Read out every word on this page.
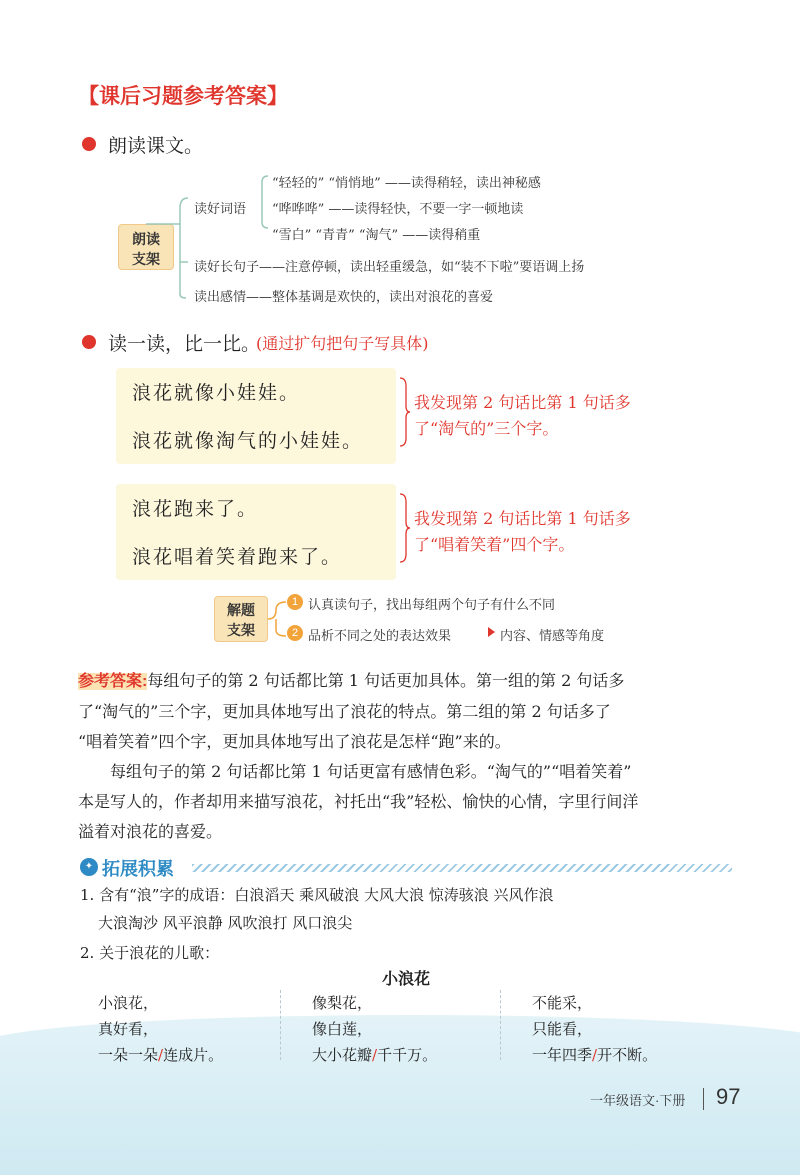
【课后习题参考答案】
朗读课文。
朗读
支架
读好词语
“轻轻的” “悄悄地” ——读得稍轻，读出神秘感
“哗哗哗” ——读得轻快，不要一字一顿地读
“雪白” “青青” “淘气” ——读得稍重
读好长句子——注意停顿，读出轻重缓急，如“装不下啦”要语调上扬
读出感情——整体基调是欢快的，读出对浪花的喜爱
读一读，比一比。
(通过扩句把句子写具体)
浪花就像小娃娃。
浪花就像淘气的小娃娃。
我发现第 2 句话比第 1 句话多
了“淘气的”三个字。
浪花跑来了。
浪花唱着笑着跑来了。
我发现第 2 句话比第 1 句话多
了“唱着笑着”四个字。
解题
支架
1 认真读句子，找出每组两个句子有什么不同
2 品析不同之处的表达效果	内容、情感等角度
参考答案:每组句子的第 2 句话都比第 1 句话更加具体。第一组的第 2 句话多
了“淘气的”三个字，更加具体地写出了浪花的特点。第二组的第 2 句话多了
“唱着笑着”四个字，更加具体地写出了浪花是怎样“跑”来的。
每组句子的第 2 句话都比第 1 句话更富有感情色彩。“淘气的”“唱着笑着”
本是写人的，作者却用来描写浪花，衬托出“我”轻松、愉快的心情，字里行间洋
溢着对浪花的喜爱。
✦ 拓展积累
1. 含有“浪”字的成语：白浪滔天 乘风破浪 大风大浪 惊涛骇浪 兴风作浪
大浪淘沙 风平浪静 风吹浪打 风口浪尖
2. 关于浪花的儿歌：
小浪花
小浪花，
真好看，
一朵一朵/连成片。
像梨花，
像白莲，
大小花瓣/千千万。
不能采，
只能看，
一年四季/开不断。
一年级语文·下册 97
